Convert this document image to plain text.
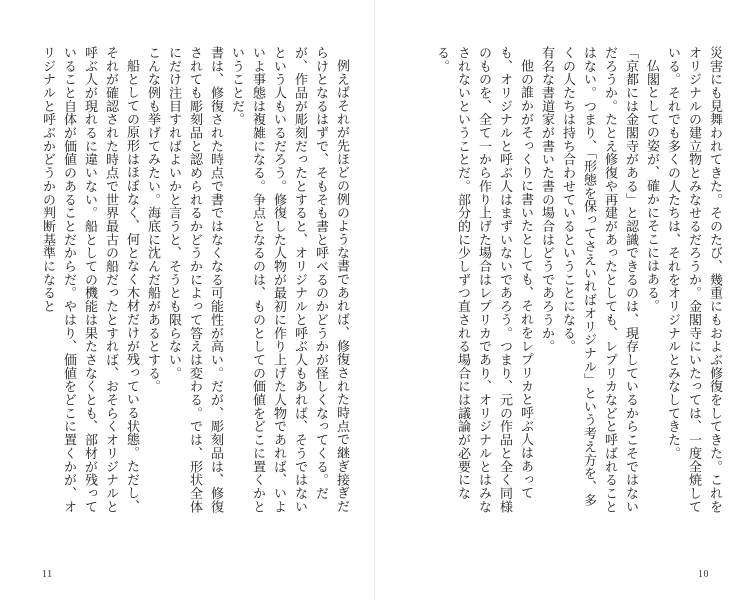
例えばそれが先ほどの例のような書であれば、修復された時点で継ぎ接ぎだらけとなるはずで、そもそも書と呼べるのかどうかが怪しくなってくる。だが、作品が彫刻だったとすると、オリジナルと呼ぶ人もあれば、そうではないという人もいるだろう。修復した人物が最初に作り上げた人物であれば、いよいよ事態は複雑になる。争点となるのは、ものとしての価値をどこに置くかということだ。

書は、修復された時点で書ではなくなる可能性が高い。だが、彫刻品は、修復されても彫刻品と認められるかどうかによって答えは変わる。では、形状全体にだけ注目すればよいかと言うと、そうとも限らない。

こんな例も挙げてみたい。海底に沈んだ船があるとする。

船としての原形はほぼなく、何となく木材だけが残っている状態。ただし、それが確認された時点で世界最古の船だったとすれば、おそらくオリジナルと呼ぶ人が現れるに違いない。船としての機能は果たさなくとも、部材が残っていること自体が価値のあることだからだ。やはり、価値をどこに置くかが、オリジナルと呼ぶかどうかの判断基準になると

11

災害にも見舞われてきた。そのたび、幾重にもおよぶ修復をしてきた。これをオリジナルの建立物とみなせるだろうか。金閣寺にいたっては、一度全焼している。それでも多くの人たちは、それをオリジナルとみなしてきた。

仏閣としての姿が、確かにそこにはある。

「京都には金閣寺がある」と認識できるのは、現存しているからこそではないだろうか。たとえ修復や再建があったとしても、レプリカなどと呼ばれることはない。つまり、「形態を保ってさえいればオリジナル」という考え方を、多くの人たちは持ち合わせているということになる。

有名な書道家が書いた書の場合はどうであろうか。

他の誰かがそっくりに書いたとしても、それをレプリカと呼ぶ人はあっても、オリジナルと呼ぶ人はまずいないであろう。つまり、元の作品と全く同様のものを、全て一から作り上げた場合はレプリカであり、オリジナルとはみなされないということだ。部分的に少しずつ直される場合には議論が必要になる。

10
